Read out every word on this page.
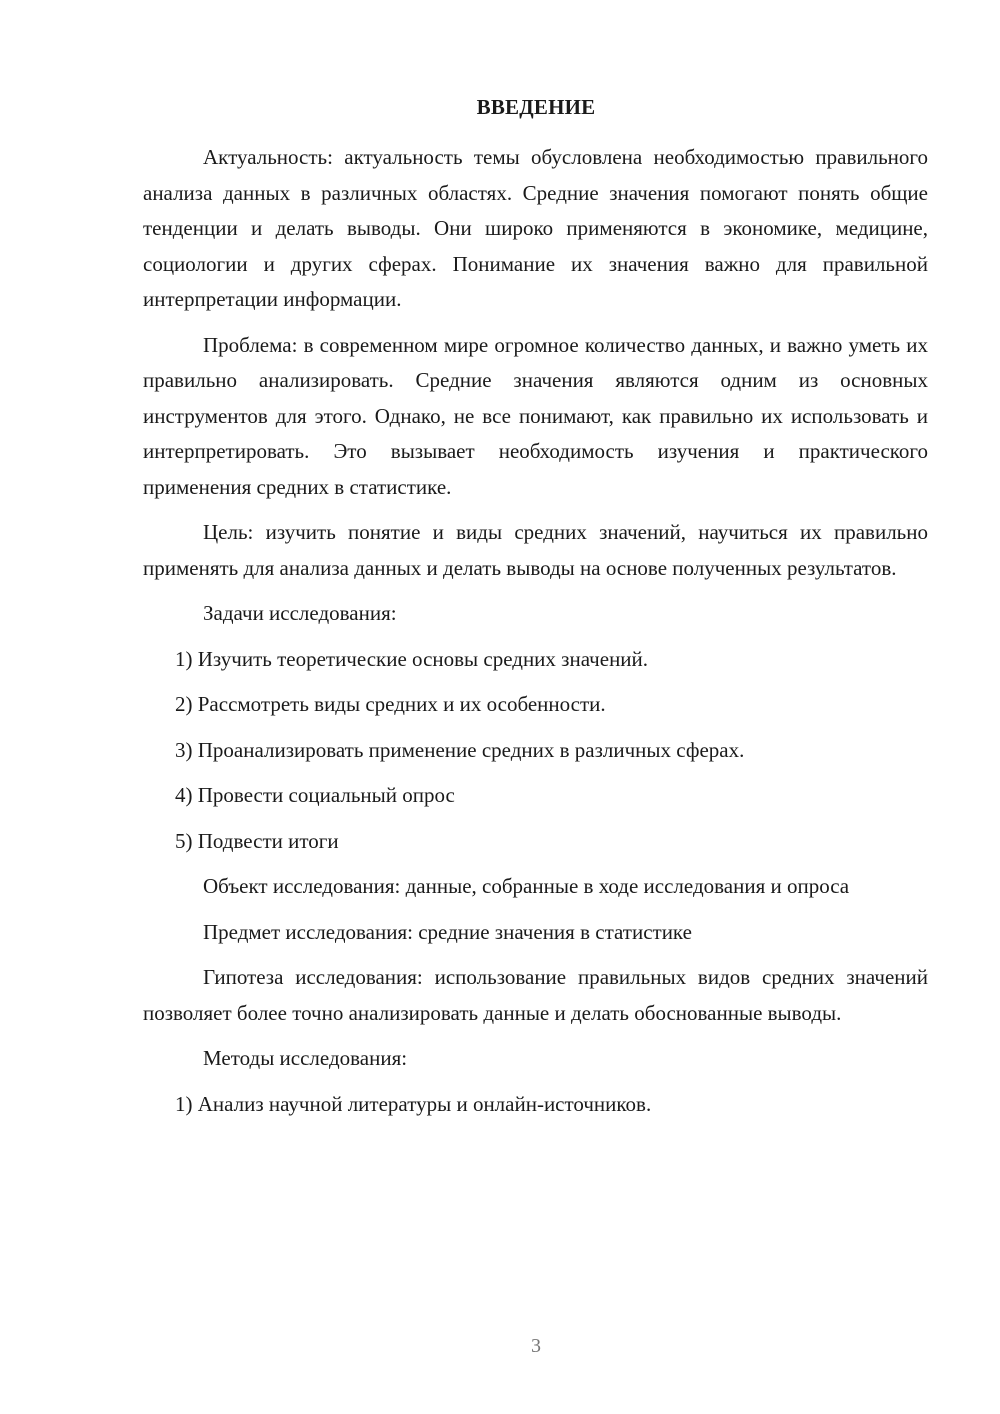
ВВЕДЕНИЕ

Актуальность: актуальность темы обусловлена необходимостью правильного анализа данных в различных областях. Средние значения помогают понять общие тенденции и делать выводы. Они широко применяются в экономике, медицине, социологии и других сферах. Понимание их значения важно для правильной интерпретации информации.

Проблема: в современном мире огромное количество данных, и важно уметь их правильно анализировать. Средние значения являются одним из основных инструментов для этого. Однако, не все понимают, как правильно их использовать и интерпретировать. Это вызывает необходимость изучения и практического применения средних в статистике.

Цель: изучить понятие и виды средних значений, научиться их правильно применять для анализа данных и делать выводы на основе полученных результатов.

Задачи исследования:

1) Изучить теоретические основы средних значений.

2) Рассмотреть виды средних и их особенности.

3) Проанализировать применение средних в различных сферах.

4) Провести социальный опрос

5) Подвести итоги

Объект исследования: данные, собранные в ходе исследования и опроса

Предмет исследования: средние значения в статистике

Гипотеза исследования: использование правильных видов средних значений позволяет более точно анализировать данные и делать обоснованные выводы.

Методы исследования:

1) Анализ научной литературы и онлайн-источников.

3
